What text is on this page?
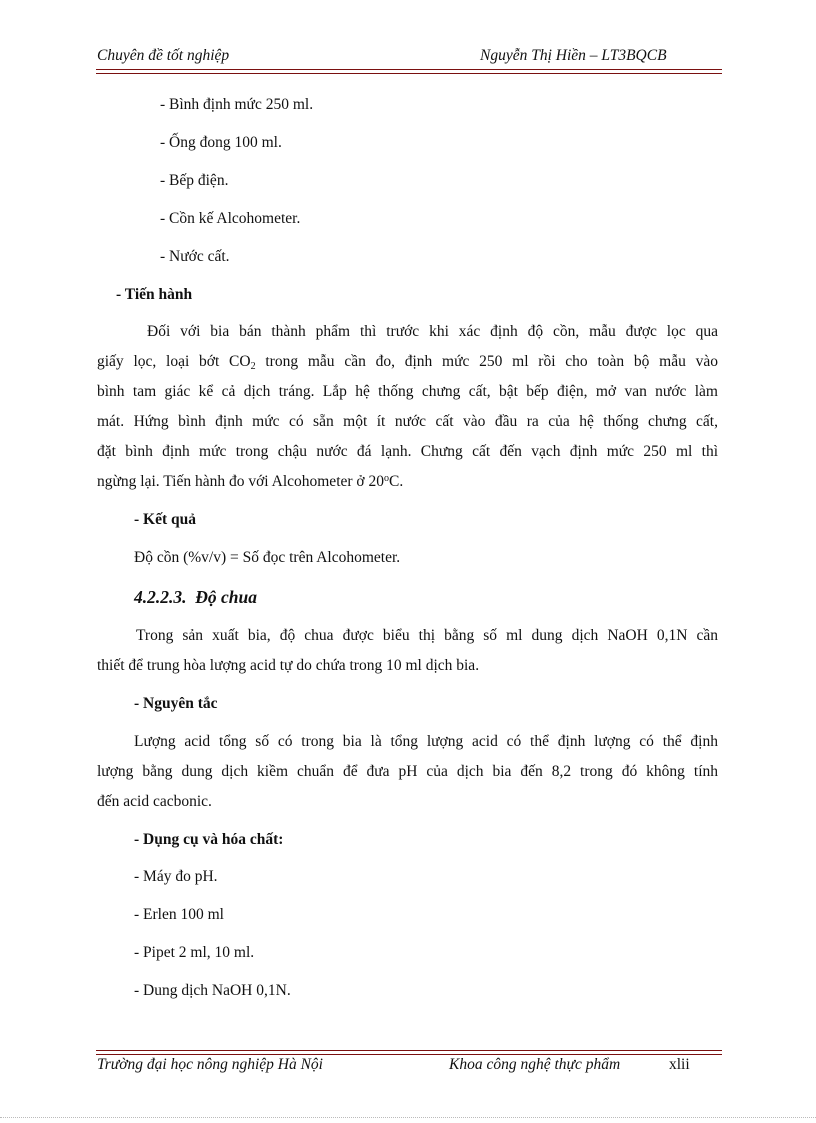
Chuyên đề tốt nghiệp	Nguyễn Thị Hiền – LT3BQCB
- Bình định mức 250 ml.
- Ống đong 100 ml.
- Bếp điện.
- Cồn kế Alcohometer.
- Nước cất.
- Tiến hành
Đối với bia bán thành phẩm thì trước khi xác định độ cồn, mẫu được lọc qua
giấy lọc, loại bớt $CO_2$ trong mẫu cần đo, định mức 250 ml rồi cho toàn bộ mẫu vào
bình tam giác kể cả dịch tráng. Lắp hệ thống chưng cất, bật bếp điện, mở van nước làm
mát. Hứng bình định mức có sẵn một ít nước cất vào đầu ra của hệ thống chưng cất,
đặt bình định mức trong chậu nước đá lạnh. Chưng cất đến vạch định mức 250 ml thì
ngừng lại. Tiến hành đo với Alcohometer ở 20$^o$C.
- Kết quả
Độ cồn (%v/v) = Số đọc trên Alcohometer.
4.2.2.3. Độ chua
Trong sản xuất bia, độ chua được biểu thị bằng số ml dung dịch NaOH 0,1N cần
thiết để trung hòa lượng acid tự do chứa trong 10 ml dịch bia.
- Nguyên tắc
Lượng acid tổng số có trong bia là tổng lượng acid có thể định lượng có thể định
lượng bằng dung dịch kiềm chuẩn để đưa pH của dịch bia đến 8,2 trong đó không tính
đến acid cacbonic.
- Dụng cụ và hóa chất:
- Máy đo pH.
- Erlen 100 ml
- Pipet 2 ml, 10 ml.
- Dung dịch NaOH 0,1N.
Trường đại học nông nghiệp Hà Nội	Khoa công nghệ thực phẩm	xlii
